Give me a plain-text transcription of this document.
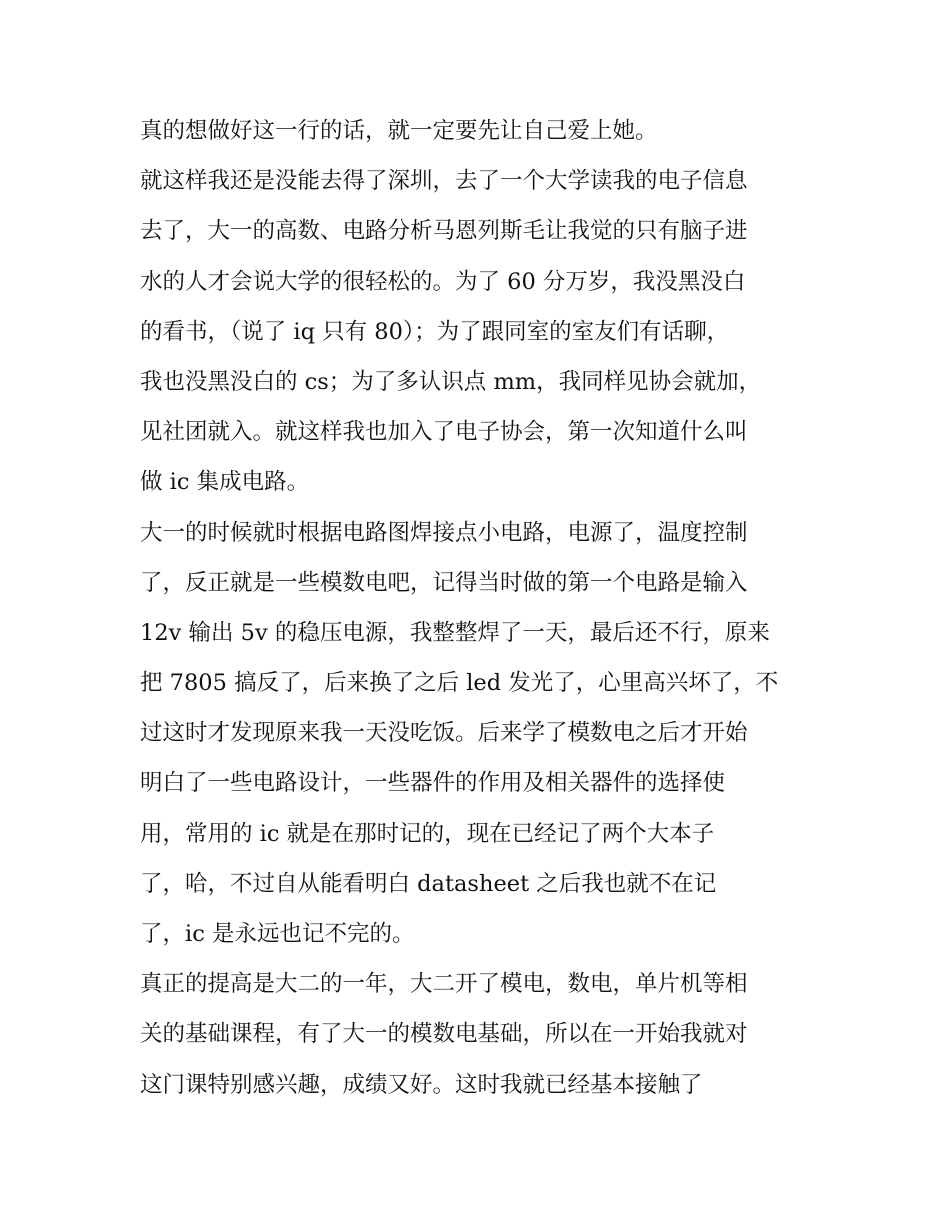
真的想做好这一行的话，就一定要先让自己爱上她。
就这样我还是没能去得了深圳，去了一个大学读我的电子信息
去了，大一的高数、电路分析马恩列斯毛让我觉的只有脑子进
水的人才会说大学的很轻松的。为了 60 分万岁，我没黑没白
的看书，（说了 iq 只有 80）；为了跟同室的室友们有话聊，
我也没黑没白的 cs；为了多认识点 mm，我同样见协会就加，
见社团就入。就这样我也加入了电子协会，第一次知道什么叫
做 ic 集成电路。
大一的时候就时根据电路图焊接点小电路，电源了，温度控制
了，反正就是一些模数电吧，记得当时做的第一个电路是输入
12v 输出 5v 的稳压电源，我整整焊了一天，最后还不行，原来
把 7805 搞反了，后来换了之后 led 发光了，心里高兴坏了，不
过这时才发现原来我一天没吃饭。后来学了模数电之后才开始
明白了一些电路设计，一些器件的作用及相关器件的选择使
用，常用的 ic 就是在那时记的，现在已经记了两个大本子
了，哈，不过自从能看明白 datasheet 之后我也就不在记
了，ic 是永远也记不完的。
真正的提高是大二的一年，大二开了模电，数电，单片机等相
关的基础课程，有了大一的模数电基础，所以在一开始我就对
这门课特别感兴趣，成绩又好。这时我就已经基本接触了
